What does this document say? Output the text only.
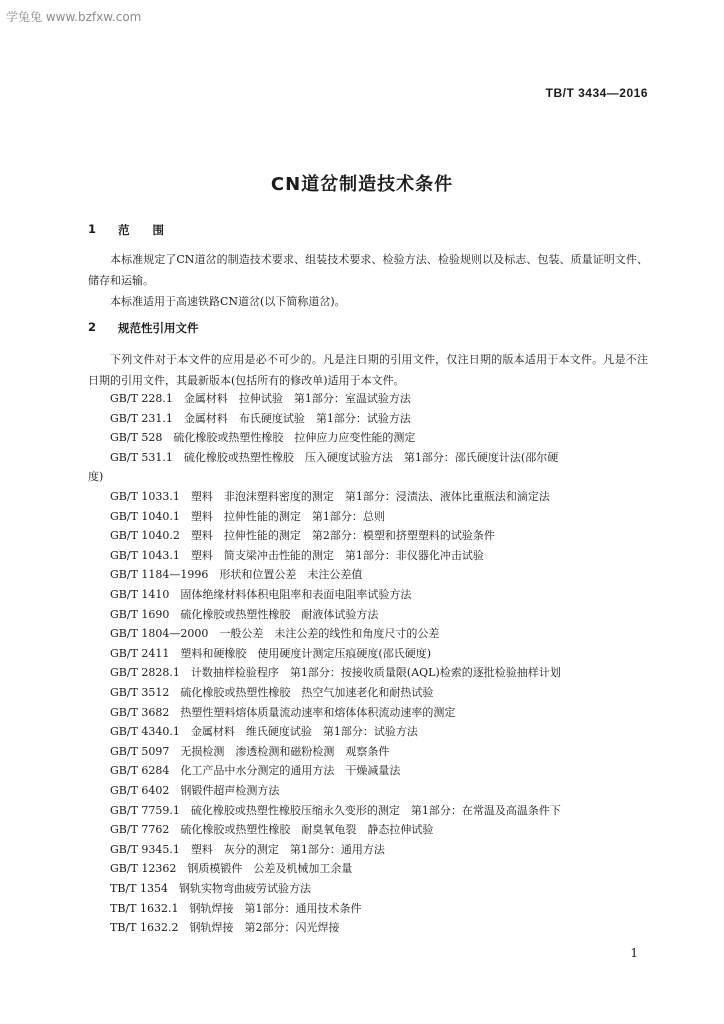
学兔兔 www.bzfxw.com
TB/T 3434—2016
CN道岔制造技术条件
1 范　　围
本标准规定了CN道岔的制造技术要求、组装技术要求、检验方法、检验规则以及标志、包装、质量证明文件、储存和运输。
本标准适用于高速铁路CN道岔(以下简称道岔)。
2 规范性引用文件
下列文件对于本文件的应用是必不可少的。凡是注日期的引用文件，仅注日期的版本适用于本文件。凡是不注日期的引用文件，其最新版本(包括所有的修改单)适用于本文件。
GB/T 228.1　 金属材料　拉伸试验　第1部分：室温试验方法
GB/T 231.1　 金属材料　布氏硬度试验　第1部分：试验方法
GB/T 528　 硫化橡胶或热塑性橡胶　拉伸应力应变性能的测定
GB/T 531.1　 硫化橡胶或热塑性橡胶　压入硬度试验方法　第1部分：邵氏硬度计法(邵尔硬
度)
GB/T 1033.1　 塑料　非泡沫塑料密度的测定　第1部分：浸渍法、液体比重瓶法和滴定法
GB/T 1040.1　 塑料　拉伸性能的测定　第1部分：总则
GB/T 1040.2　 塑料　拉伸性能的测定　第2部分：模塑和挤塑塑料的试验条件
GB/T 1043.1　 塑料　简支梁冲击性能的测定　第1部分：非仪器化冲击试验
GB/T 1184—1996　 形状和位置公差　未注公差值
GB/T 1410　 固体绝缘材料体积电阻率和表面电阻率试验方法
GB/T 1690　 硫化橡胶或热塑性橡胶　耐液体试验方法
GB/T 1804—2000　 一般公差　未注公差的线性和角度尺寸的公差
GB/T 2411　 塑料和硬橡胶　使用硬度计测定压痕硬度(邵氏硬度)
GB/T 2828.1　 计数抽样检验程序　第1部分：按接收质量限(AQL)检索的逐批检验抽样计划
GB/T 3512　 硫化橡胶或热塑性橡胶　热空气加速老化和耐热试验
GB/T 3682　 热塑性塑料熔体质量流动速率和熔体体积流动速率的测定
GB/T 4340.1　 金属材料　维氏硬度试验　第1部分：试验方法
GB/T 5097　 无损检测　渗透检测和磁粉检测　观察条件
GB/T 6284　 化工产品中水分测定的通用方法　干燥减量法
GB/T 6402　 钢锻件超声检测方法
GB/T 7759.1　 硫化橡胶或热塑性橡胶压缩永久变形的测定　第1部分：在常温及高温条件下
GB/T 7762　 硫化橡胶或热塑性橡胶　耐臭氧龟裂　静态拉伸试验
GB/T 9345.1　 塑料　灰分的测定　第1部分：通用方法
GB/T 12362　 钢质模锻件　公差及机械加工余量
TB/T 1354　 钢轨实物弯曲疲劳试验方法
TB/T 1632.1　 钢轨焊接　第1部分：通用技术条件
TB/T 1632.2　 钢轨焊接　第2部分：闪光焊接
1
